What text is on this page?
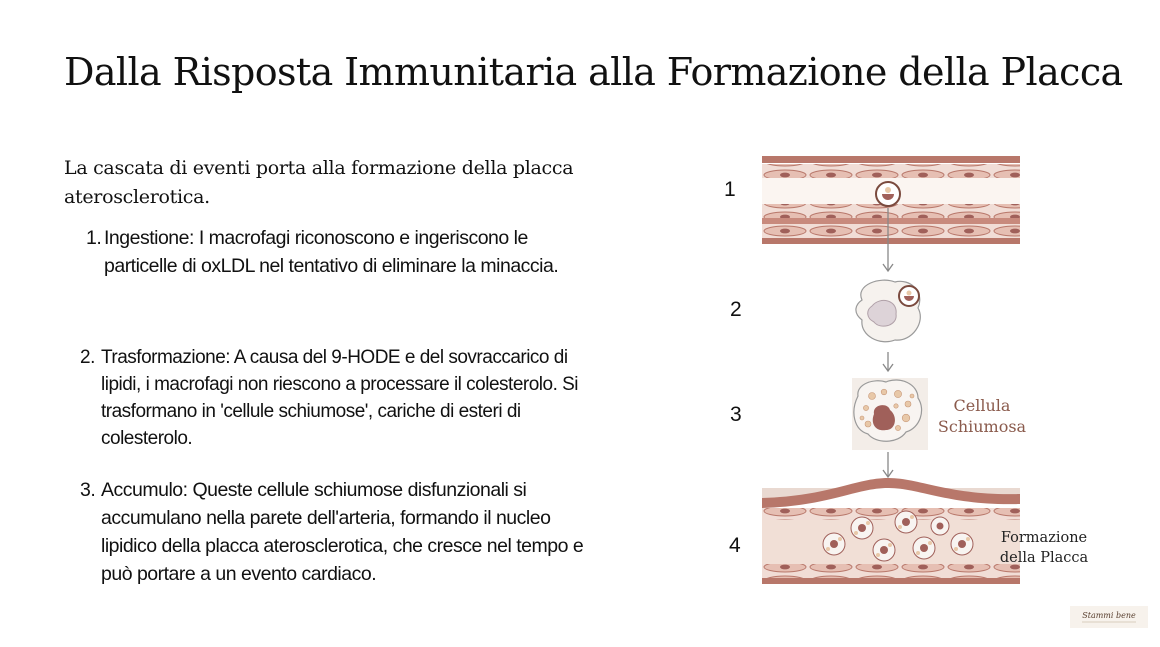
Dalla Risposta Immunitaria alla Formazione della Placca
La cascata di eventi porta alla formazione della placca aterosclerotica.
1. Ingestione: I macrofagi riconoscono e ingeriscono le particelle di oxLDL nel tentativo di eliminare la minaccia.
2. Trasformazione: A causa del 9-HODE e del sovraccarico di lipidi, i macrofagi non riescono a processare il colesterolo. Si trasformano in 'cellule schiumose', cariche di esteri di colesterolo.
3. Accumulo: Queste cellule schiumose disfunzionali si accumulano nella parete dell'arteria, formando il nucleo lipidico della placca aterosclerotica, che cresce nel tempo e può portare a un evento cardiaco.
1
2
3
4
Cellula
Schiumosa
Formazione
della Placca
Stammi bene
